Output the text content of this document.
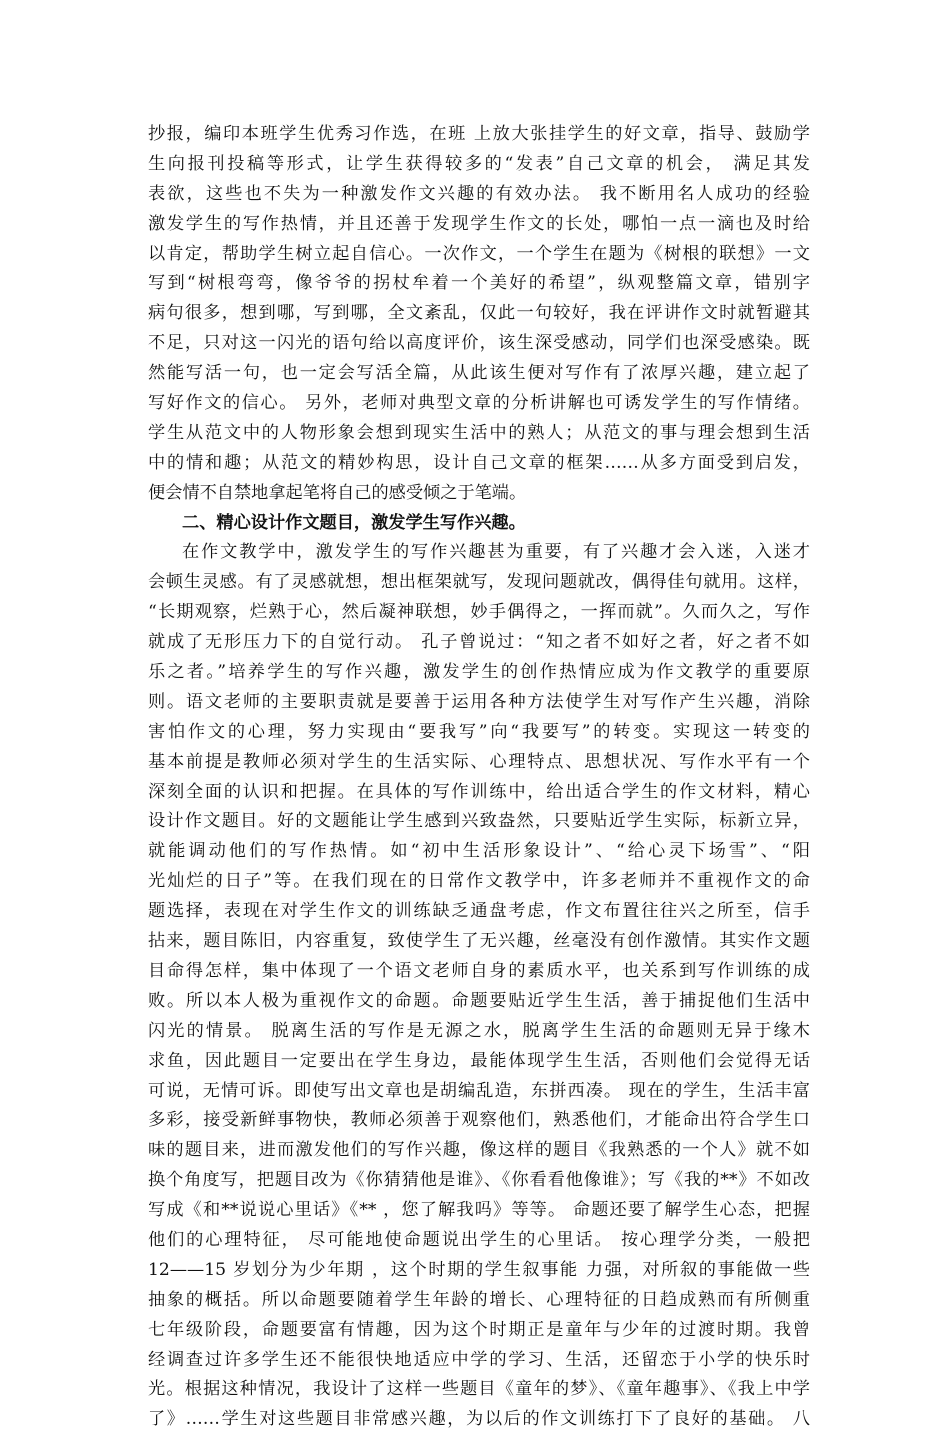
抄报，编印本班学生优秀习作选，在班 上放大张挂学生的好文章，指导、鼓励学
生向报刊投稿等形式，让学生获得较多的“发表”自己文章的机会， 满足其发
表欲，这些也不失为一种激发作文兴趣的有效办法。 我不断用名人成功的经验
激发学生的写作热情，并且还善于发现学生作文的长处，哪怕一点一滴也及时给
以肯定，帮助学生树立起自信心。一次作文，一个学生在题为《树根的联想》一文
写到“树根弯弯，像爷爷的拐杖牟着一个美好的希望”，纵观整篇文章，错别字
病句很多，想到哪，写到哪，全文紊乱，仅此一句较好，我在评讲作文时就暂避其
不足，只对这一闪光的语句给以高度评价，该生深受感动，同学们也深受感染。既
然能写活一句，也一定会写活全篇，从此该生便对写作有了浓厚兴趣，建立起了
写好作文的信心。 另外，老师对典型文章的分析讲解也可诱发学生的写作情绪。
学生从范文中的人物形象会想到现实生活中的熟人；从范文的事与理会想到生活
中的情和趣；从范文的精妙构思，设计自己文章的框架……从多方面受到启发，
便会情不自禁地拿起笔将自己的感受倾之于笔端。
二、精心设计作文题目，激发学生写作兴趣。
在作文教学中，激发学生的写作兴趣甚为重要，有了兴趣才会入迷，入迷才
会顿生灵感。有了灵感就想，想出框架就写，发现问题就改，偶得佳句就用。这样，
“长期观察，烂熟于心，然后凝神联想，妙手偶得之，一挥而就”。久而久之，写作
就成了无形压力下的自觉行动。 孔子曾说过：“知之者不如好之者，好之者不如
乐之者。”培养学生的写作兴趣，激发学生的创作热情应成为作文教学的重要原
则。语文老师的主要职责就是要善于运用各种方法使学生对写作产生兴趣，消除
害怕作文的心理，努力实现由“要我写”向“我要写”的转变。实现这一转变的
基本前提是教师必须对学生的生活实际、心理特点、思想状况、写作水平有一个
深刻全面的认识和把握。在具体的写作训练中，给出适合学生的作文材料，精心
设计作文题目。好的文题能让学生感到兴致盎然，只要贴近学生实际，标新立异，
就能调动他们的写作热情。如“初中生活形象设计”、“给心灵下场雪”、“阳
光灿烂的日子”等。在我们现在的日常作文教学中，许多老师并不重视作文的命
题选择，表现在对学生作文的训练缺乏通盘考虑，作文布置往往兴之所至，信手
拈来，题目陈旧，内容重复，致使学生了无兴趣，丝毫没有创作激情。其实作文题
目命得怎样，集中体现了一个语文老师自身的素质水平，也关系到写作训练的成
败。所以本人极为重视作文的命题。命题要贴近学生生活，善于捕捉他们生活中
闪光的情景。 脱离生活的写作是无源之水，脱离学生生活的命题则无异于缘木
求鱼，因此题目一定要出在学生身边，最能体现学生生活，否则他们会觉得无话
可说，无情可诉。即使写出文章也是胡编乱造，东拼西凑。 现在的学生，生活丰富
多彩，接受新鲜事物快，教师必须善于观察他们，熟悉他们，才能命出符合学生口
味的题目来，进而激发他们的写作兴趣，像这样的题目《我熟悉的一个人》就不如
换个角度写，把题目改为《你猜猜他是谁》、《你看看他像谁》；写《我的**》不如改
写成《和**说说心里话》《** ，您了解我吗》等等。 命题还要了解学生心态，把握
他们的心理特征， 尽可能地使命题说出学生的心里话。 按心理学分类，一般把
12——15 岁划分为少年期 ，这个时期的学生叙事能 力强，对所叙的事能做一些
抽象的概括。所以命题要随着学生年龄的增长、心理特征的日趋成熟而有所侧重
七年级阶段，命题要富有情趣，因为这个时期正是童年与少年的过渡时期。我曾
经调查过许多学生还不能很快地适应中学的学习、生活，还留恋于小学的快乐时
光。根据这种情况，我设计了这样一些题目《童年的梦》、《童年趣事》、《我上中学
了》……学生对这些题目非常感兴趣，为以后的作文训练打下了良好的基础。 八
